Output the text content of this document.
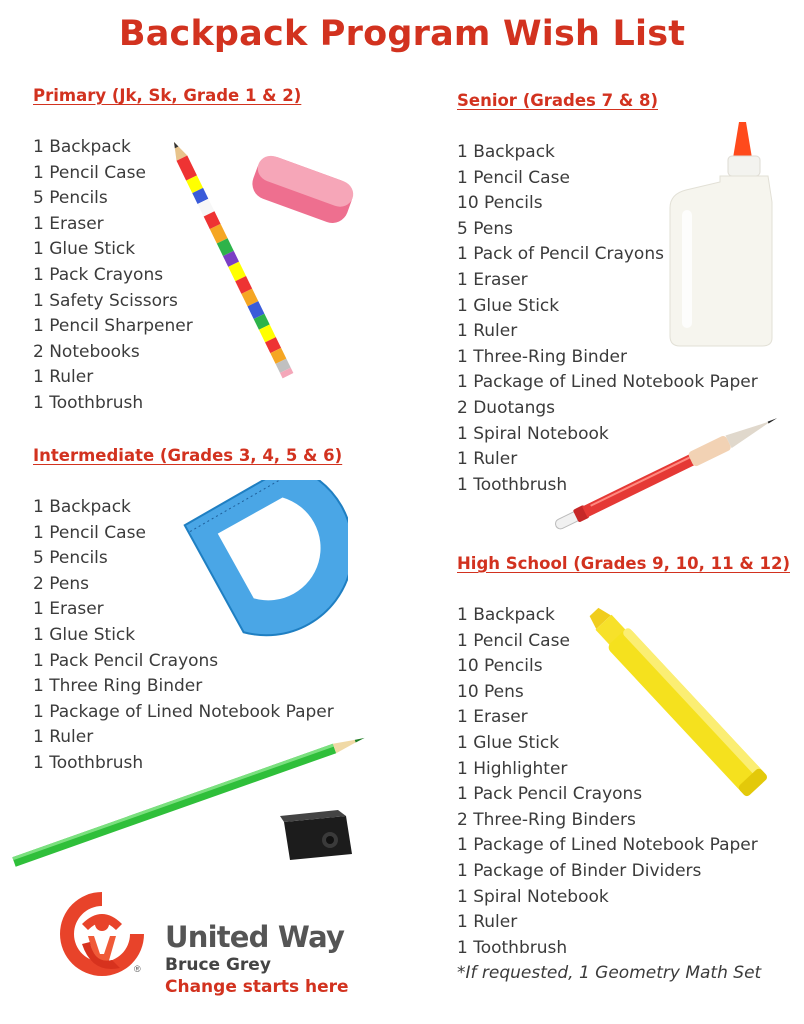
Backpack Program Wish List
Primary (Jk, Sk, Grade 1 & 2)
1 Backpack
1 Pencil Case
5 Pencils
1 Eraser
1 Glue Stick
1 Pack Crayons
1 Safety Scissors
1 Pencil Sharpener
2 Notebooks
1 Ruler
1 Toothbrush
Intermediate (Grades 3, 4, 5 & 6)
1 Backpack
1 Pencil Case
5 Pencils
2 Pens
1 Eraser
1 Glue Stick
1 Pack Pencil Crayons
1 Three Ring Binder
1 Package of Lined Notebook Paper
1 Ruler
1 Toothbrush
Senior (Grades 7 & 8)
1 Backpack
1 Pencil Case
10 Pencils
5 Pens
1 Pack of Pencil Crayons
1 Eraser
1 Glue Stick
1 Ruler
1 Three-Ring Binder
1 Package of Lined Notebook Paper
2 Duotangs
1 Spiral Notebook
1 Ruler
1 Toothbrush
High School (Grades 9, 10, 11 & 12)
1 Backpack
1 Pencil Case
10 Pencils
10 Pens
1 Eraser
1 Glue Stick
1 Highlighter
1 Pack Pencil Crayons
2 Three-Ring Binders
1 Package of Lined Notebook Paper
1 Package of Binder Dividers
1 Spiral Notebook
1 Ruler
1 Toothbrush
*If requested, 1 Geometry Math Set
®
United Way
Bruce Grey
Change starts here
